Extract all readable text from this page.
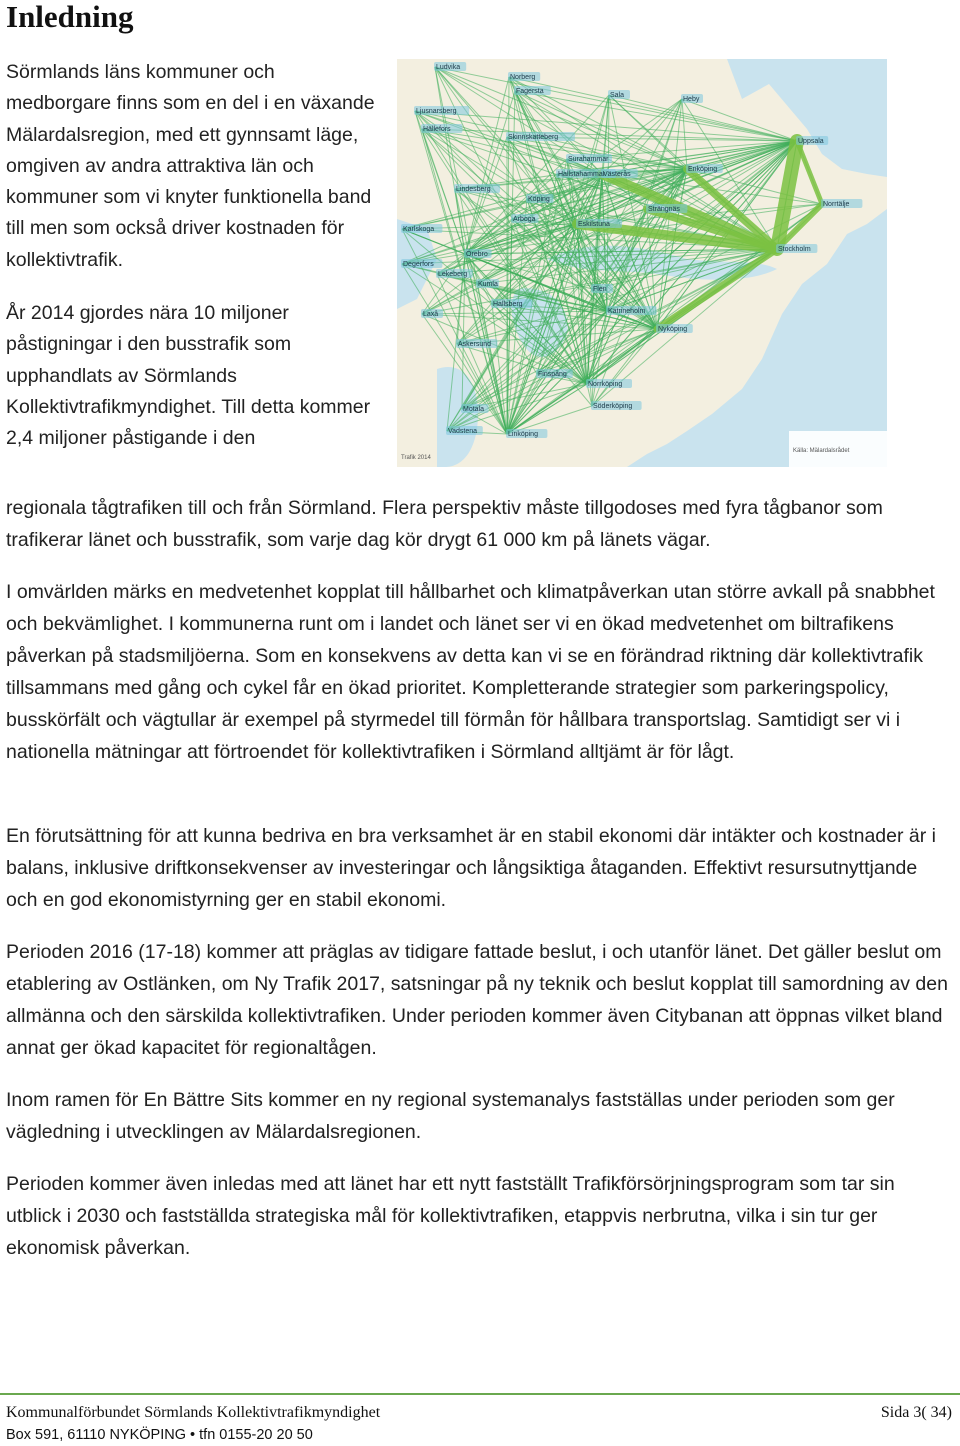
Inledning
Sörmlands läns kommuner och medborgare finns som en del i en växande Mälardalsregion, med ett gynnsamt läge, omgiven av andra attraktiva län och kommuner som vi knyter funktionella band till men som också driver kostnaden för kollektivtrafik.
År 2014 gjordes nära 10 miljoner påstigningar i den busstrafik som upphandlats av Sörmlands Kollektivtrafikmyndighet. Till detta kommer 2,4 miljoner påstigande i den

regionala tågtrafiken till och från Sörmland. Flera perspektiv måste tillgodoses med fyra tågbanor som trafikerar länet och busstrafik, som varje dag kör drygt 61 000 km på länets vägar.

Ludvika
Norberg
Fagersta
Sala
Heby
Ljusnarsberg
Skinnskatteberg
Hällefors
Surahammar
Hallstahammar
Uppsala
Lindesberg
Köping
Västerås
Enköping
Arboga
Eskilstuna
Strängnäs
Karlskoga
Örebro
Degerfors
Lekeberg
Kumla
Hallsberg
Flen
Katrineholm
Laxå
Askersund
Norrtälje
Finspång
Norrköping
Motala	Söderköping
Vadstena	Linköping
Stockholm
Nyköping
Trafik 2014
Källa: Mälardalsrådet

I omvärlden märks en medvetenhet kopplat till hållbarhet och klimatpåverkan utan större avkall på snabbhet och bekvämlighet. I kommunerna runt om i landet och länet ser vi en ökad medvetenhet om biltrafikens påverkan på stadsmiljöerna. Som en konsekvens av detta kan vi se en förändrad riktning där kollektivtrafik tillsammans med gång och cykel får en ökad prioritet. Kompletterande strategier som parkeringspolicy, busskörfält och vägtullar är exempel på styrmedel till förmån för hållbara transportslag. Samtidigt ser vi i nationella mätningar att förtroendet för kollektivtrafiken i Sörmland alltjämt är för lågt.

En förutsättning för att kunna bedriva en bra verksamhet är en stabil ekonomi där intäkter och kostnader är i balans, inklusive driftkonsekvenser av investeringar och långsiktiga åtaganden. Effektivt resursutnyttjande och en god ekonomistyrning ger en stabil ekonomi.

Perioden 2016 (17-18) kommer att präglas av tidigare fattade beslut, i och utanför länet. Det gäller beslut om etablering av Ostlänken, om Ny Trafik 2017, satsningar på ny teknik och beslut kopplat till samordning av den allmänna och den särskilda kollektivtrafiken. Under perioden kommer även Citybanan att öppnas vilket bland annat ger ökad kapacitet för regionaltågen.

Inom ramen för En Bättre Sits kommer en ny regional systemanalys fastställas under perioden som ger vägledning i utvecklingen av Mälardalsregionen.

Perioden kommer även inledas med att länet har ett nytt fastställt Trafikförsörjningsprogram som tar sin utblick i 2030 och fastställda strategiska mål för kollektivtrafiken, etappvis nerbrutna, vilka i sin tur ger ekonomisk påverkan.

Kommunalförbundet Sörmlands Kollektivtrafikmyndighet	Sida 3( 34)
Box 591, 61110 NYKÖPING • tfn 0155-20 20 50
